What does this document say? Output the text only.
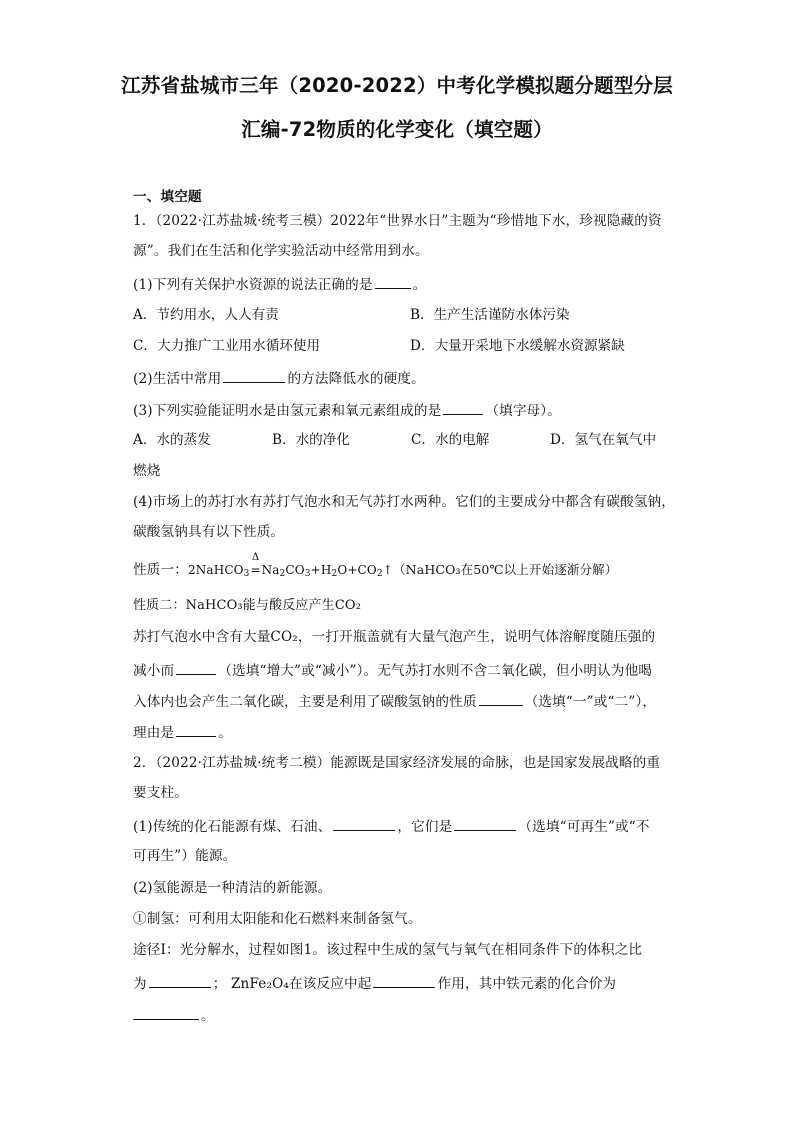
江苏省盐城市三年（2020-2022）中考化学模拟题分题型分层
汇编-72物质的化学变化（填空题）
一、填空题
1．（2022·江苏盐城·统考三模）2022年“世界水日”主题为“珍惜地下水，珍视隐藏的资
源”。我们在生活和化学实验活动中经常用到水。
(1)下列有关保护水资源的说法正确的是	。
A．节约用水，人人有责	B．生产生活谨防水体污染
C．大力推广工业用水循环使用	D．大量开采地下水缓解水资源紧缺
(2)生活中常用	的方法降低水的硬度。
(3)下列实验能证明水是由氢元素和氧元素组成的是	（填字母）。
A．水的蒸发	B．水的净化	C．水的电解	D．氢气在氧气中
燃烧
(4)市场上的苏打水有苏打气泡水和无气苏打水两种。它们的主要成分中都含有碳酸氢钠，
碳酸氢钠具有以下性质。
性质一：2NaHCO$_3$
Δ
$=Na_2CO_3+H_2O+CO_2↑(NaHCO_3$在50℃以上开始逐渐分解）
性质二：NaHCO₃能与酸反应产生CO₂
苏打气泡水中含有大量CO₂，一打开瓶盖就有大量气泡产生，说明气体溶解度随压强的
减小而	（选填“增大”或“减小”）。无气苏打水则不含二氧化碳，但小明认为他喝
入体内也会产生二氧化碳，主要是利用了碳酸氢钠的性质	（选填“一”或“二”），
理由是	。
2．（2022·江苏盐城·统考二模）能源既是国家经济发展的命脉，也是国家发展战略的重
要支柱。
(1)传统的化石能源有煤、石油、	，它们是	（选填“可再生”或“不
可再生”）能源。
(2)氢能源是一种清洁的新能源。
①制氢：可利用太阳能和化石燃料来制备氢气。
途径Ⅰ：光分解水，过程如图1。该过程中生成的氢气与氧气在相同条件下的体积之比
为	； ZnFe₂O₄在该反应中起	作用，其中铁元素的化合价为
。
